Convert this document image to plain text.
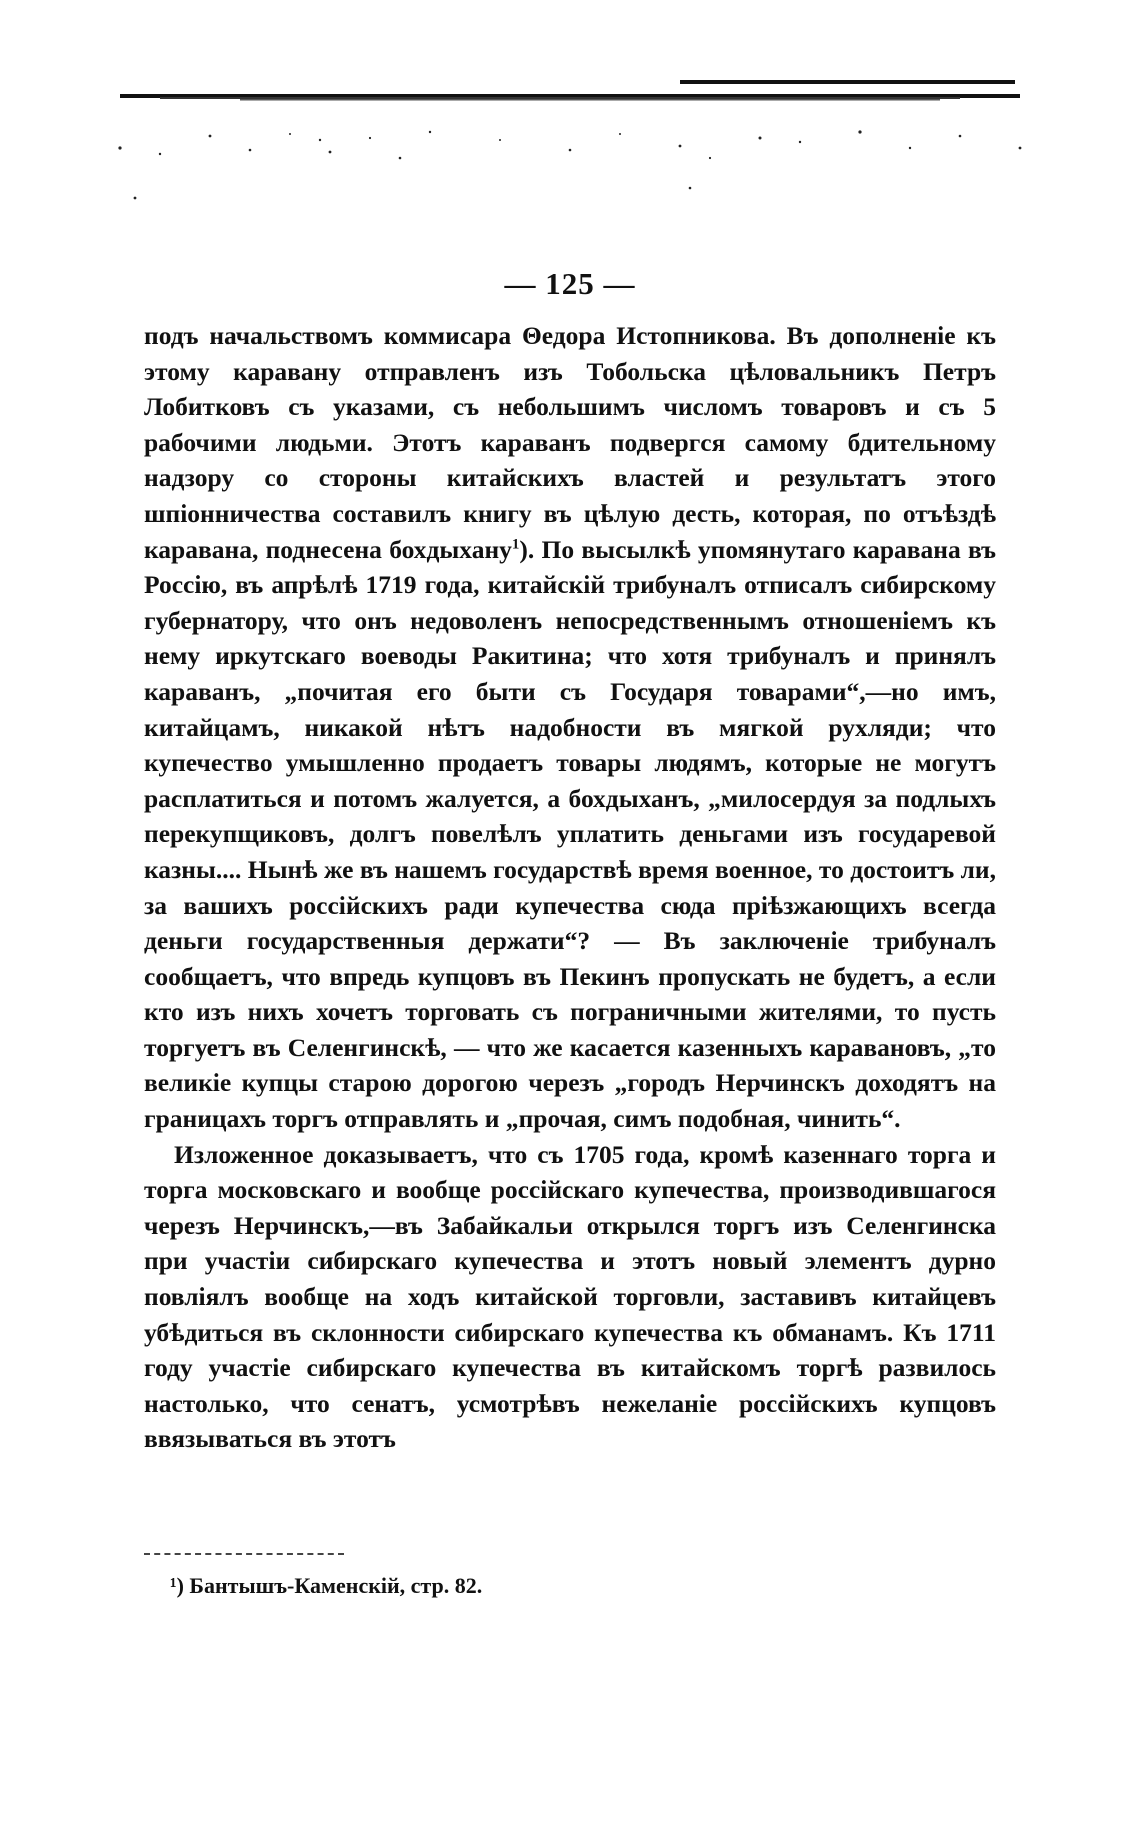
— 125 —

подъ начальствомъ коммисара Θедора Истопникова. Въ дополненіе къ этому каравану отправленъ изъ Тобольска цѣловальникъ Петръ Лобитковъ съ указами, съ небольшимъ числомъ товаровъ и съ 5 рабочими людьми. Этотъ караванъ подвергся самому бдительному надзору со стороны китайскихъ властей и результатъ этого шпіонничества составилъ книгу въ цѣлую десть, которая, по отъѣздѣ каравана, поднесена бохдыхану$^1$). По высылкѣ упомянутаго каравана въ Россію, въ апрѣлѣ 1719 года, китайскій трибуналъ отписалъ сибирскому губернатору, что онъ недоволенъ непосредственнымъ отношеніемъ къ нему иркутскаго воеводы Ракитина; что хотя трибуналъ и принялъ караванъ, „почитая его быти съ Государя товарами“,—но имъ, китайцамъ, никакой нѣтъ надобности въ мягкой рухляди; что купечество умышленно продаетъ товары людямъ, которые не могутъ расплатиться и потомъ жалуется, а бохдыханъ, „милосердуя за подлыхъ перекупщиковъ, долгъ повелѣлъ уплатить деньгами изъ государевой казны.... Нынѣ же въ нашемъ государствѣ время военное, то достоитъ ли, за вашихъ россійскихъ ради купечества сюда пріѣзжающихъ всегда деньги государственныя держати“? — Въ заключеніе трибуналъ сообщаетъ, что впредь купцовъ въ Пекинъ пропускать не будетъ, а если кто изъ нихъ хочетъ торговать съ пограничными жителями, то пусть торгуетъ въ Селенгинскѣ, — что же касается казенныхъ каравановъ, „то великіе купцы старою дорогою черезъ „городъ Нерчинскъ доходятъ на границахъ торгъ отправлять и „прочая, симъ подобная, чинить“.

Изложенное доказываетъ, что съ 1705 года, кромѣ казеннаго торга и торга московскаго и вообще россійскаго купечества, производившагося черезъ Нерчинскъ,—въ Забайкальи открылся торгъ изъ Селенгинска при участіи сибирскаго купечества и этотъ новый элементъ дурно повліялъ вообще на ходъ китайской торговли, заставивъ китайцевъ убѣдиться въ склонности сибирскаго купечества къ обманамъ. Къ 1711 году участіе сибирскаго купечества въ китайскомъ торгѣ развилось настолько, что сенатъ, усмотрѣвъ нежеланіе россійскихъ купцовъ ввязываться въ этотъ

¹) Бантышъ-Каменскій, стр. 82.
